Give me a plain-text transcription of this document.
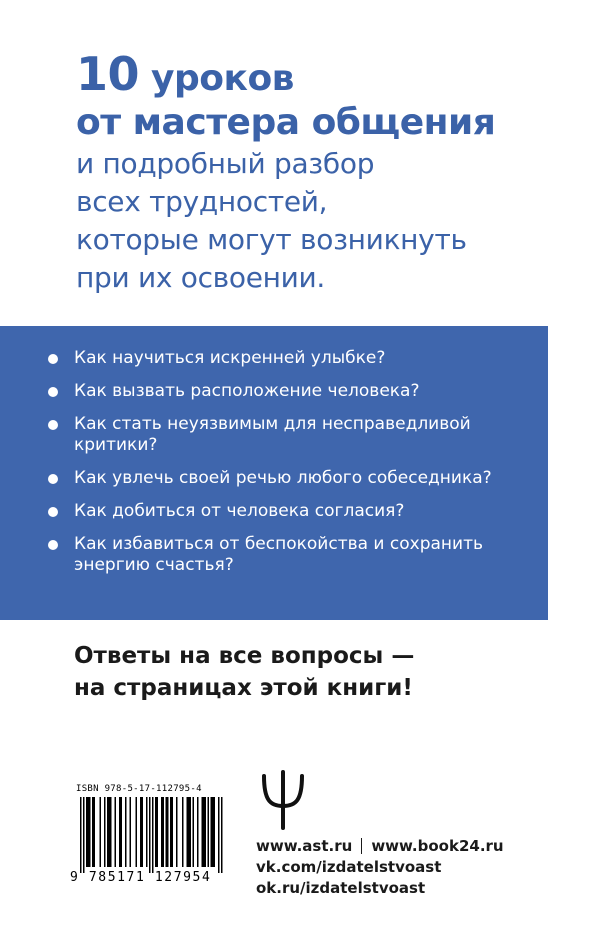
10 уроков
от мастера общения
и подробный разбор
всех трудностей,
которые могут возникнуть
при их освоении.
Как научиться искренней улыбке?
Как вызвать расположение человека?
Как стать неуязвимым для несправедливой
критики?
Как увлечь своей речью любого собеседника?
Как добиться от человека согласия?
Как избавиться от беспокойства и сохранить
энергию счастья?
Ответы на все вопросы —
на страницах этой книги!
ISBN 978-5-17-112795-4
9 785171 127954
www.ast.ru www.book24.ru
vk.com/izdatelstvoast
ok.ru/izdatelstvoast
